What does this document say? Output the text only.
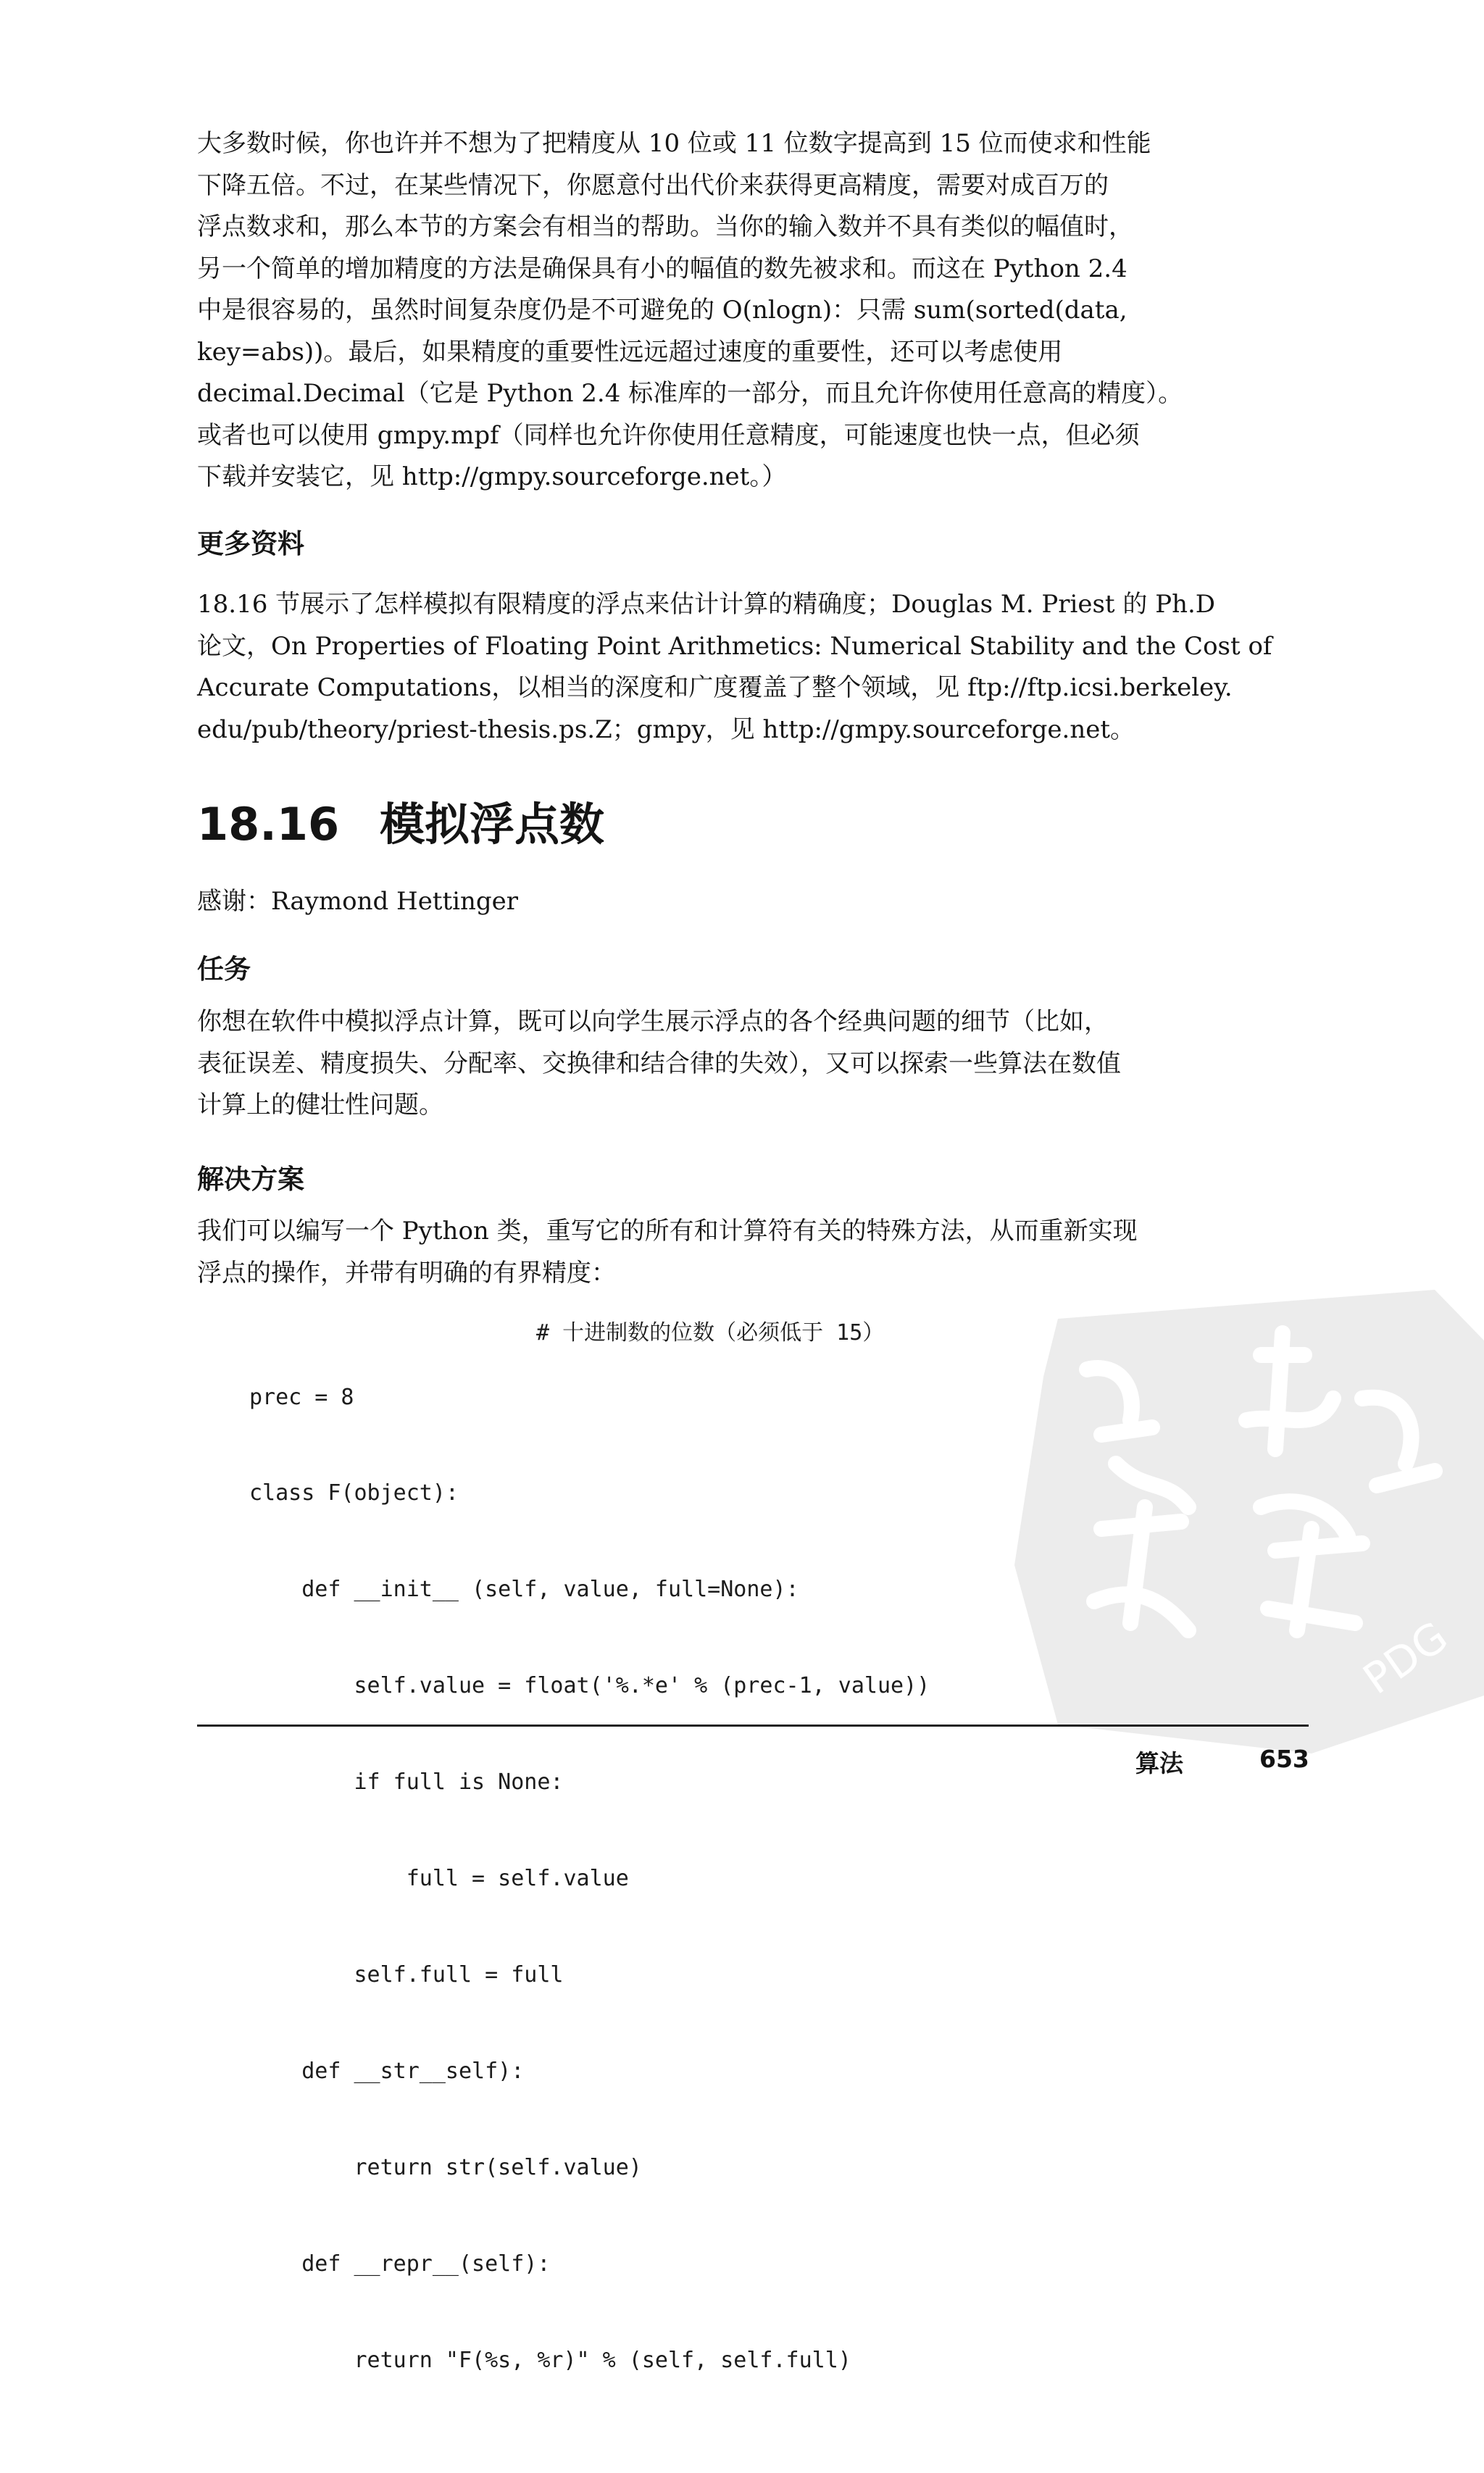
大多数时候，你也许并不想为了把精度从 10 位或 11 位数字提高到 15 位而使求和性能
下降五倍。不过，在某些情况下，你愿意付出代价来获得更高精度，需要对成百万的
浮点数求和，那么本节的方案会有相当的帮助。当你的输入数并不具有类似的幅值时，
另一个简单的增加精度的方法是确保具有小的幅值的数先被求和。而这在 Python 2.4
中是很容易的，虽然时间复杂度仍是不可避免的 O(nlogn)：只需 sum(sorted(data,
key=abs))。最后，如果精度的重要性远远超过速度的重要性，还可以考虑使用
decimal.Decimal（它是 Python 2.4 标准库的一部分，而且允许你使用任意高的精度）。
或者也可以使用 gmpy.mpf（同样也允许你使用任意精度，可能速度也快一点，但必须
下载并安装它，见 http://gmpy.sourceforge.net。）
更多资料
18.16 节展示了怎样模拟有限精度的浮点来估计计算的精确度；Douglas M. Priest 的 Ph.D
论文，On Properties of Floating Point Arithmetics: Numerical Stability and the Cost of
Accurate Computations，以相当的深度和广度覆盖了整个领域，见 ftp://ftp.icsi.berkeley.
edu/pub/theory/priest-thesis.ps.Z；gmpy，见 http://gmpy.sourceforge.net。
18.16 模拟浮点数
感谢：Raymond Hettinger
任务
你想在软件中模拟浮点计算，既可以向学生展示浮点的各个经典问题的细节（比如，
表征误差、精度损失、分配率、交换律和结合律的失效），又可以探索一些算法在数值
计算上的健壮性问题。
解决方案
我们可以编写一个 Python 类，重写它的所有和计算符有关的特殊方法，从而重新实现
浮点的操作，并带有明确的有界精度：
PDG

prec = 8

class F(object):

def __init__ (self, value, full=None):

self.value = float('%.*e' % (prec-1, value))

if full is None:

full = self.value

self.full = full

def __str__self):

return str(self.value)

def __repr__(self):

return "F(%s, %r)" % (self, self.full)

# 十进制数的位数（必须低于 15）

算法	653
